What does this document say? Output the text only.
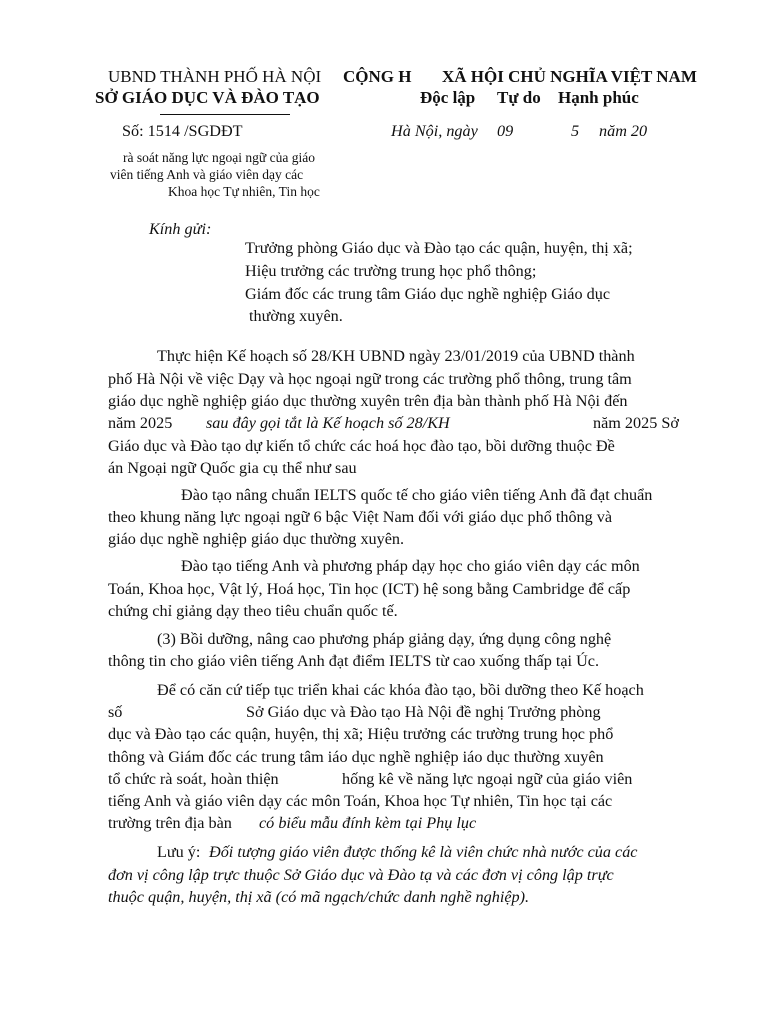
UBND THÀNH PHỐ HÀ NỘI
SỞ GIÁO DỤC VÀ ĐÀO TẠO
CỘNG H XÃ HỘI CHỦ NGHĨA VIỆT NAM
Độc lập Tự do Hạnh phúc
Số: 1514 /SGDĐT	Hà Nội, ngày 09	5 năm 20
rà soát năng lực ngoại ngữ của giáo
viên tiếng Anh và giáo viên dạy các
Khoa học Tự nhiên, Tin học
Kính gửi:
Trưởng phòng Giáo dục và Đào tạo các quận, huyện, thị xã;
Hiệu trưởng các trường trung học phổ thông;
Giám đốc các trung tâm Giáo dục nghề nghiệp Giáo dục
thường xuyên.
Thực hiện Kế hoạch số 28/KH UBND ngày 23/01/2019 của UBND thành
phố Hà Nội về việc Dạy và học ngoại ngữ trong các trường phổ thông, trung tâm
giáo dục nghề nghiệp giáo dục thường xuyên trên địa bàn thành phố Hà Nội đến
năm 2025 sau đây gọi tắt là Kế hoạch số 28/KH	năm 2025 Sở
Giáo dục và Đào tạo dự kiến tổ chức các hoá học đào tạo, bồi dưỡng thuộc Đề
án Ngoại ngữ Quốc gia cụ thể như sau
Đào tạo nâng chuẩn IELTS quốc tế cho giáo viên tiếng Anh đã đạt chuẩn
theo khung năng lực ngoại ngữ 6 bậc Việt Nam đối với giáo dục phổ thông và
giáo dục nghề nghiệp giáo dục thường xuyên.
Đào tạo tiếng Anh và phương pháp dạy học cho giáo viên dạy các môn
Toán, Khoa học, Vật lý, Hoá học, Tin học (ICT) hệ song bằng Cambridge để cấp
chứng chỉ giảng dạy theo tiêu chuẩn quốc tế.
(3) Bồi dưỡng, nâng cao phương pháp giảng dạy, ứng dụng công nghệ
thông tin cho giáo viên tiếng Anh đạt điểm IELTS từ cao xuống thấp tại Úc.
Để có căn cứ tiếp tục triển khai các khóa đào tạo, bồi dưỡng theo Kế hoạch
số	Sở Giáo dục và Đào tạo Hà Nội đề nghị Trưởng phòng
dục và Đào tạo các quận, huyện, thị xã; Hiệu trưởng các trường trung học phổ
thông và Giám đốc các trung tâm iáo dục nghề nghiệp iáo dục thường xuyên
tổ chức rà soát, hoàn thiện	hống kê về năng lực ngoại ngữ của giáo viên
tiếng Anh và giáo viên dạy các môn Toán, Khoa học Tự nhiên, Tin học tại các
trường trên địa bàn có biểu mẫu đính kèm tại Phụ lục
Lưu ý: Đối tượng giáo viên được thống kê là viên chức nhà nước của các
đơn vị công lập trực thuộc Sở Giáo dục và Đào tạ và các đơn vị công lập trực
thuộc quận, huyện, thị xã (có mã ngạch/chức danh nghề nghiệp).
